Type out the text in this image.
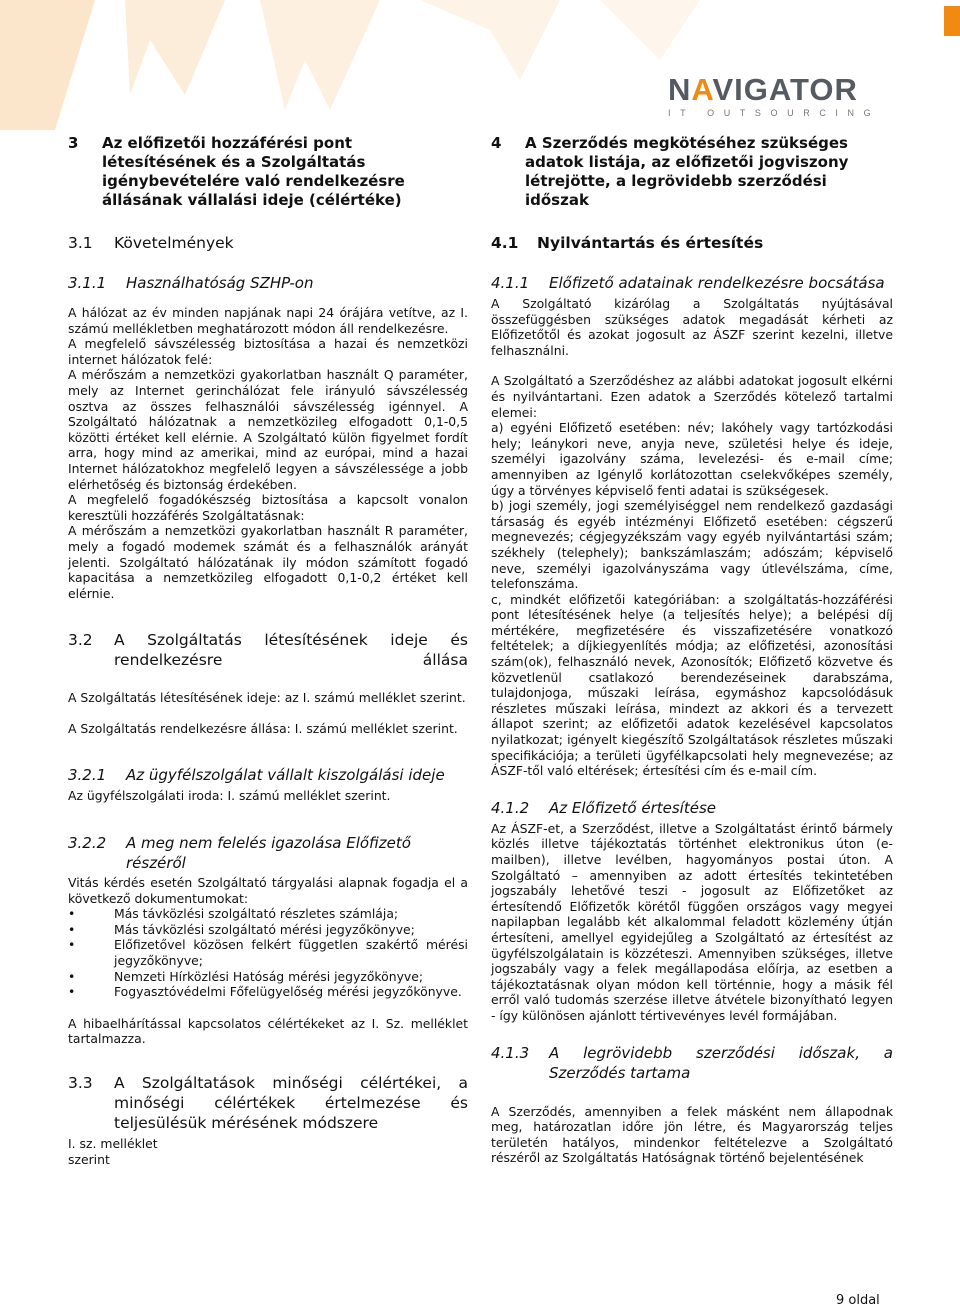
NAVIGATOR
IT OUTSOURCING
3	Az előfizetői hozzáférési pont létesítésének és a Szolgáltatás igénybevételére való rendelkezésre állásának vállalási ideje (célértéke)
3.1	Követelmények
3.1.1	Használhatóság SZHP-on

A hálózat az év minden napjának napi 24 órájára vetítve, az I. számú mellékletben meghatározott módon áll rendelkezésre.

A megfelelő sávszélesség biztosítása a hazai és nemzetközi internet hálózatok felé:

A mérőszám a nemzetközi gyakorlatban használt Q paraméter, mely az Internet gerinchálózat fele irányuló sávszélesség osztva az összes felhasználói sávszélesség igénnyel. A Szolgáltató hálózatnak a nemzetközileg elfogadott 0,1-0,5 közötti értéket kell elérnie. A Szolgáltató külön figyelmet fordít arra, hogy mind az amerikai, mind az európai, mind a hazai Internet hálózatokhoz megfelelő legyen a sávszélessége a jobb elérhetőség és biztonság érdekében.

A megfelelő fogadókészség biztosítása a kapcsolt vonalon keresztüli hozzáférés Szolgáltatásnak:

A mérőszám a nemzetközi gyakorlatban használt R paraméter, mely a fogadó modemek számát és a felhasználók arányát jelenti. Szolgáltató hálózatának ily módon számított fogadó kapacitása a nemzetközileg elfogadott 0,1-0,2 értéket kell elérnie.

3.2	A Szolgáltatás létesítésének ideje és
rendelkezésre állása

A Szolgáltatás létesítésének ideje: az I. számú melléklet szerint.

A Szolgáltatás rendelkezésre állása: I. számú melléklet szerint.

3.2.1	Az ügyfélszolgálat vállalt kiszolgálási ideje

Az ügyfélszolgálati iroda: I. számú melléklet szerint.

3.2.2	A meg nem felelés igazolása Előfizető részéről

Vitás kérdés esetén Szolgáltató tárgyalási alapnak fogadja el a következő dokumentumokat:

•	Más távközlési szolgáltató részletes számlája;
•	Más távközlési szolgáltató mérési jegyzőkönyve;
•	Előfizetővel közösen felkért független szakértő mérési jegyzőkönyve;
•	Nemzeti Hírközlési Hatóság mérési jegyzőkönyve;
•	Fogyasztóvédelmi Főfelügyelőség mérési jegyzőkönyve.

A hibaelhárítással kapcsolatos célértékeket az I. Sz. melléklet tartalmazza.

3.3	A Szolgáltatások minőségi célértékei, a minőségi célértékek értelmezése és teljesülésük mérésének módszere

I. sz. melléklet
szerint

4	A Szerződés megkötéséhez szükséges adatok listája, az előfizetői jogviszony létrejötte, a legrövidebb szerződési időszak
4.1	Nyilvántartás és értesítés
4.1.1	Előfizető adatainak rendelkezésre bocsátása

A Szolgáltató kizárólag a Szolgáltatás nyújtásával összefüggésben szükséges adatok megadását kérheti az Előfizetőtől és azokat jogosult az ÁSZF szerint kezelni, illetve felhasználni.

A Szolgáltató a Szerződéshez az alábbi adatokat jogosult elkérni és nyilvántartani. Ezen adatok a Szerződés kötelező tartalmi elemei:

a) egyéni Előfizető esetében: név; lakóhely vagy tartózkodási hely; leánykori neve, anyja neve, születési helye és ideje, személyi igazolvány száma, levelezési- és e-mail címe; amennyiben az Igénylő korlátozottan cselekvőképes személy, úgy a törvényes képviselő fenti adatai is szükségesek.

b) jogi személy, jogi személyiséggel nem rendelkező gazdasági társaság és egyéb intézményi Előfizető esetében: cégszerű megnevezés; cégjegyzékszám vagy egyéb nyilvántartási szám; székhely (telephely); bankszámlaszám; adószám; képviselő neve, személyi igazolványszáma vagy útlevélszáma, címe, telefonszáma.

c, mindkét előfizetői kategóriában: a szolgáltatás-hozzáférési pont létesítésének helye (a teljesítés helye); a belépési díj mértékére, megfizetésére és visszafizetésére vonatkozó feltételek; a díjkiegyenlítés módja; az előfizetési, azonosítási szám(ok), felhasználó nevek, Azonosítók; Előfizető közvetve és közvetlenül csatlakozó berendezéseinek darabszáma, tulajdonjoga, műszaki leírása, egymáshoz kapcsolódásuk részletes műszaki leírása, mindezt az akkori és a tervezett állapot szerint; az előfizetői adatok kezelésével kapcsolatos nyilatkozat; igényelt kiegészítő Szolgáltatások részletes műszaki specifikációja; a területi ügyfélkapcsolati hely megnevezése; az ÁSZF-től való eltérések; értesítési cím és e-mail cím.

4.1.2	Az Előfizető értesítése

Az ÁSZF-et, a Szerződést, illetve a Szolgáltatást érintő bármely közlés illetve tájékoztatás történhet elektronikus úton (e-mailben), illetve levélben, hagyományos postai úton. A Szolgáltató – amennyiben az adott értesítés tekintetében jogszabály lehetővé teszi - jogosult az Előfizetőket az értesítendő Előfizetők körétől függően országos vagy megyei napilapban legalább két alkalommal feladott közlemény útján értesíteni, amellyel egyidejűleg a Szolgáltató az értesítést az ügyfélszolgálatain is közzéteszi. Amennyiben szükséges, illetve jogszabály vagy a felek megállapodása előírja, az esetben a tájékoztatásnak olyan módon kell történnie, hogy a másik fél erről való tudomás szerzése illetve átvétele bizonyítható legyen - így különösen ajánlott tértivevényes levél formájában.

4.1.3	A legrövidebb szerződési időszak, a Szerződés tartama

A Szerződés, amennyiben a felek másként nem állapodnak meg, határozatlan időre jön létre, és Magyarország teljes területén hatályos, mindenkor feltételezve a Szolgáltató részéről az Szolgáltatás Hatóságnak történő bejelentésének

9 oldal
